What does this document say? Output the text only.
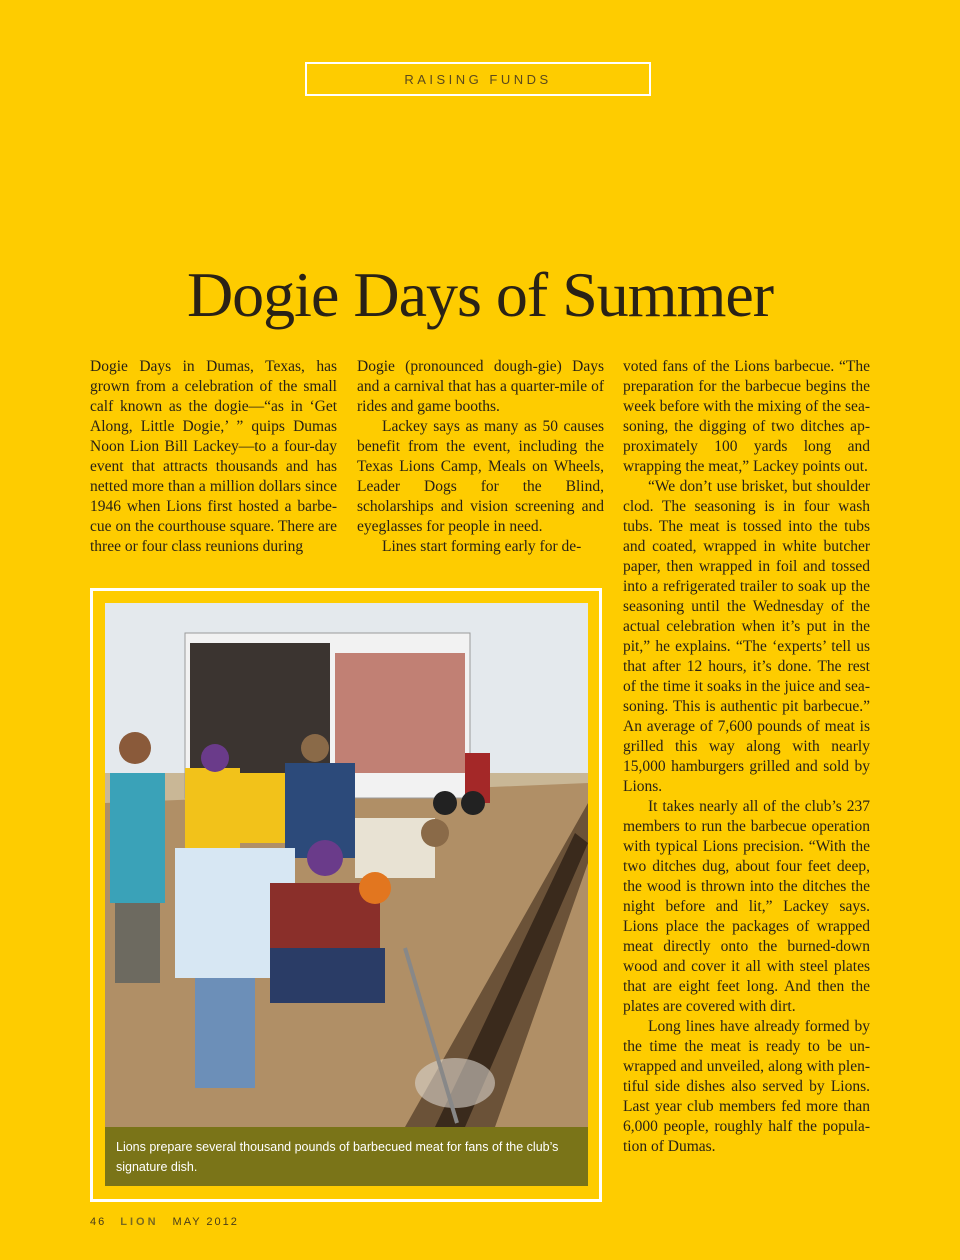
RAISING FUNDS
Dogie Days of Summer

Dogie Days in Dumas, Texas, has grown from a celebration of the small calf known as the dogie—“as in ‘Get Along, Little Dogie,’ ” quips Dumas Noon Lion Bill Lackey—to a four-day event that attracts thousands and has netted more than a million dollars since 1946 when Lions first hosted a barbecue on the courthouse square. There are three or four class reunions during

Dogie (pronounced dough-gie) Days and a carnival that has a quarter-mile of rides and game booths.

Lackey says as many as 50 causes benefit from the event, including the Texas Lions Camp, Meals on Wheels, Leader Dogs for the Blind, scholarships and vision screening and eyeglasses for people in need.

Lines start forming early for de-

voted fans of the Lions barbecue. “The preparation for the barbecue begins the week before with the mixing of the seasoning, the digging of two ditches approximately 100 yards long and wrapping the meat,” Lackey points out.

“We don’t use brisket, but shoulder clod. The seasoning is in four wash tubs. The meat is tossed into the tubs and coated, wrapped in white butcher paper, then wrapped in foil and tossed into a refrigerated trailer to soak up the seasoning until the Wednesday of the actual celebration when it’s put in the pit,” he explains. “The ‘experts’ tell us that after 12 hours, it’s done. The rest of the time it soaks in the juice and seasoning. This is authentic pit barbecue.” An average of 7,600 pounds of meat is grilled this way along with nearly 15,000 hamburgers grilled and sold by Lions.

It takes nearly all of the club’s 237 members to run the barbecue operation with typical Lions precision. “With the two ditches dug, about four feet deep, the wood is thrown into the ditches the night before and lit,” Lackey says. Lions place the packages of wrapped meat directly onto the burned-down wood and cover it all with steel plates that are eight feet long. And then the plates are covered with dirt.

Long lines have already formed by the time the meat is ready to be unwrapped and unveiled, along with plentiful side dishes also served by Lions. Last year club members fed more than 6,000 people, roughly half the population of Dumas.

Lions prepare several thousand pounds of barbecued meat for fans of the club’s signature dish.
46 LION MAY 2012
